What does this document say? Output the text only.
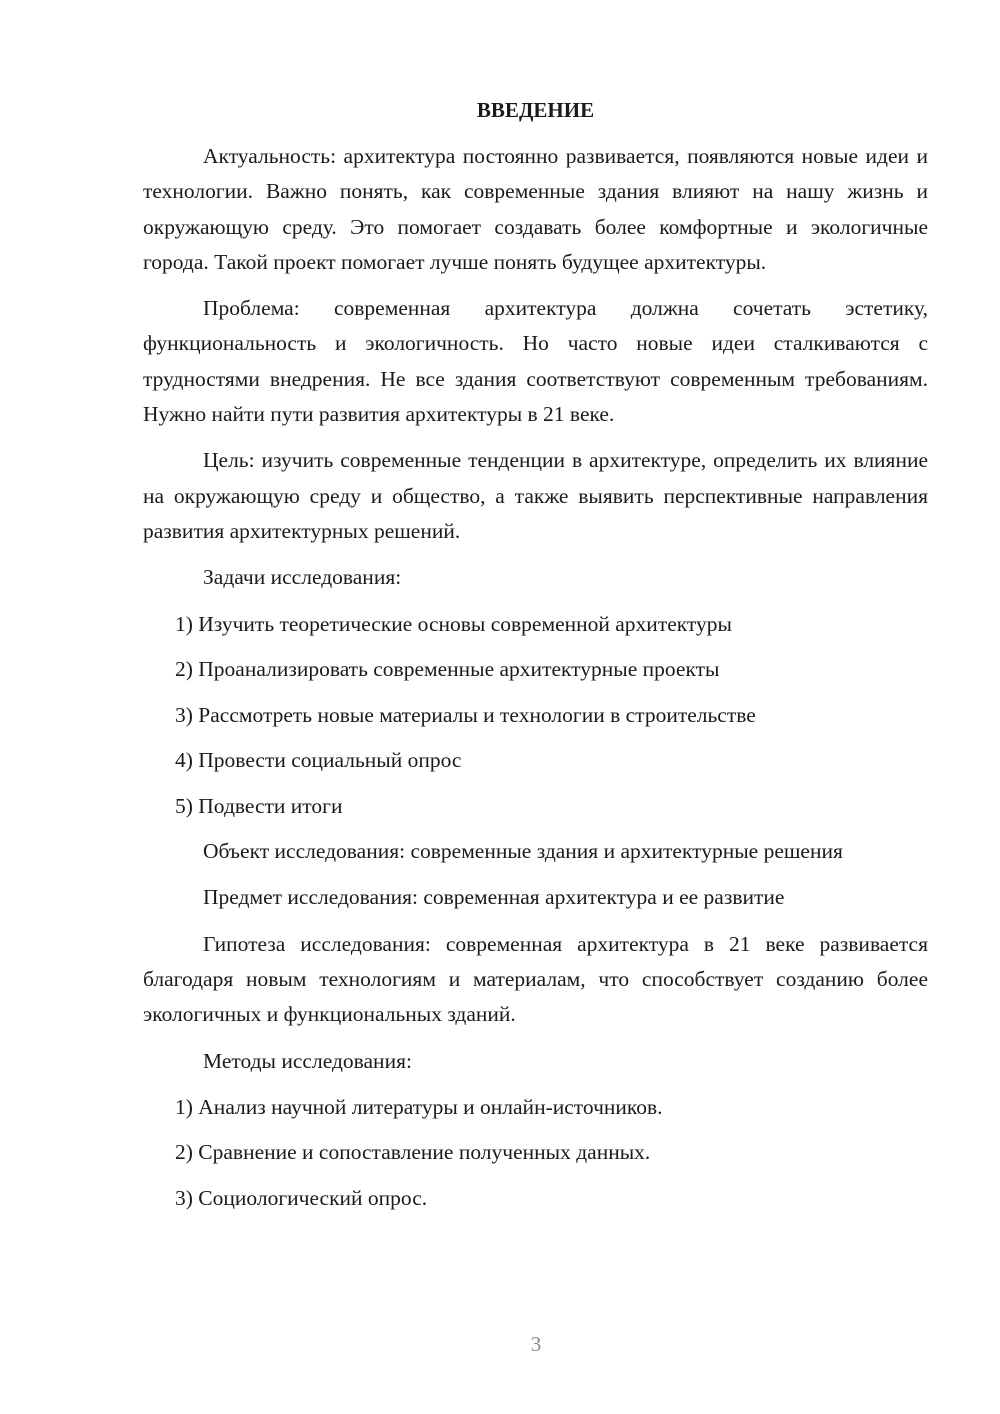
ВВЕДЕНИЕ

Актуальность: архитектура постоянно развивается, появляются новые идеи и технологии. Важно понять, как современные здания влияют на нашу жизнь и окружающую среду. Это помогает создавать более комфортные и экологичные города. Такой проект помогает лучше понять будущее архитектуры.

Проблема: современная архитектура должна сочетать эстетику, функциональность и экологичность. Но часто новые идеи сталкиваются с трудностями внедрения. Не все здания соответствуют современным требованиям. Нужно найти пути развития архитектуры в 21 веке.

Цель: изучить современные тенденции в архитектуре, определить их влияние на окружающую среду и общество, а также выявить перспективные направления развития архитектурных решений.

Задачи исследования:
1) Изучить теоретические основы современной архитектуры
2) Проанализировать современные архитектурные проекты
3) Рассмотреть новые материалы и технологии в строительстве
4) Провести социальный опрос
5) Подвести итоги

Объект исследования: современные здания и архитектурные решения

Предмет исследования: современная архитектура и ее развитие

Гипотеза исследования: современная архитектура в 21 веке развивается благодаря новым технологиям и материалам, что способствует созданию более экологичных и функциональных зданий.

Методы исследования:
1) Анализ научной литературы и онлайн-источников.
2) Сравнение и сопоставление полученных данных.
3) Социологический опрос.
3
